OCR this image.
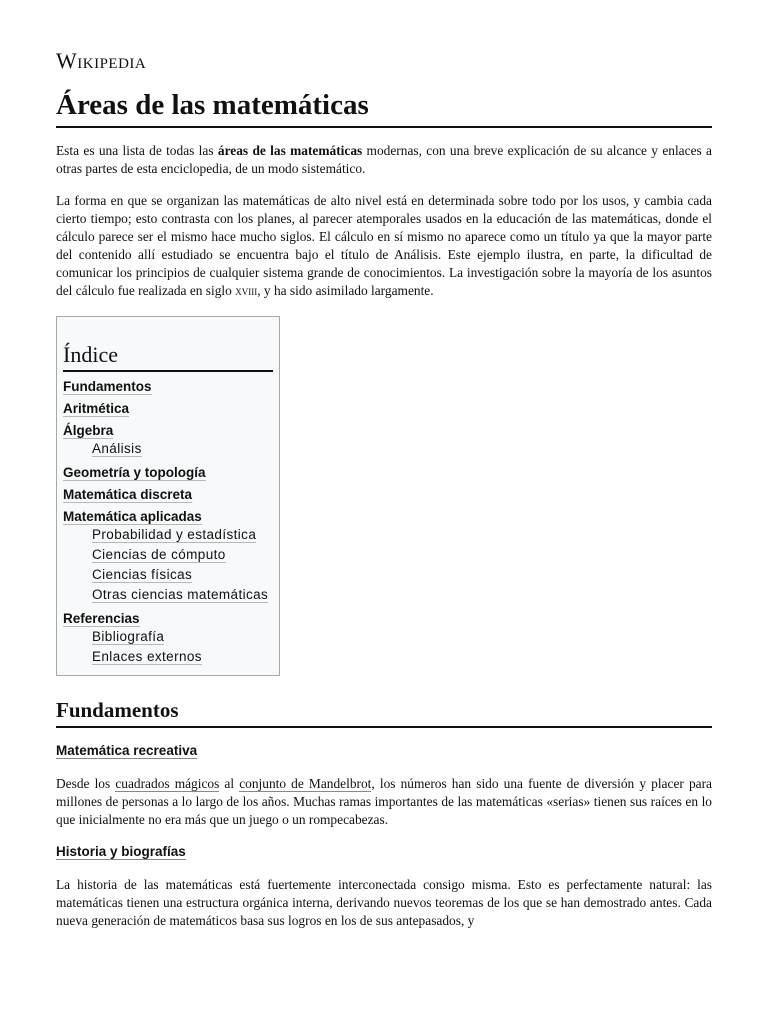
Wikipedia
Áreas de las matemáticas

Esta es una lista de todas las áreas de las matemáticas modernas, con una breve explicación de su alcance y enlaces a otras partes de esta enciclopedia, de un modo sistemático.

La forma en que se organizan las matemáticas de alto nivel está en determinada sobre todo por los usos, y cambia cada cierto tiempo; esto contrasta con los planes, al parecer atemporales usados en la educación de las matemáticas, donde el cálculo parece ser el mismo hace mucho siglos. El cálculo en sí mismo no aparece como un título ya que la mayor parte del contenido allí estudiado se encuentra bajo el título de Análisis. Este ejemplo ilustra, en parte, la dificultad de comunicar los principios de cualquier sistema grande de conocimientos. La investigación sobre la mayoría de los asuntos del cálculo fue realizada en siglo xviii, y ha sido asimilado largamente.

Índice
Fundamentos
Aritmética
Álgebra
Análisis
Geometría y topología
Matemática discreta
Matemática aplicadas
Probabilidad y estadística
Ciencias de cómputo
Ciencias físicas
Otras ciencias matemáticas
Referencias
Bibliografía
Enlaces externos
Fundamentos
Matemática recreativa

Desde los cuadrados mágicos al conjunto de Mandelbrot, los números han sido una fuente de diversión y placer para millones de personas a lo largo de los años. Muchas ramas importantes de las matemáticas «serias» tienen sus raíces en lo que inicialmente no era más que un juego o un rompecabezas.

Historia y biografías

La historia de las matemáticas está fuertemente interconectada consigo misma. Esto es perfectamente natural: las matemáticas tienen una estructura orgánica interna, derivando nuevos teoremas de los que se han demostrado antes. Cada nueva generación de matemáticos basa sus logros en los de sus antepasados, y
